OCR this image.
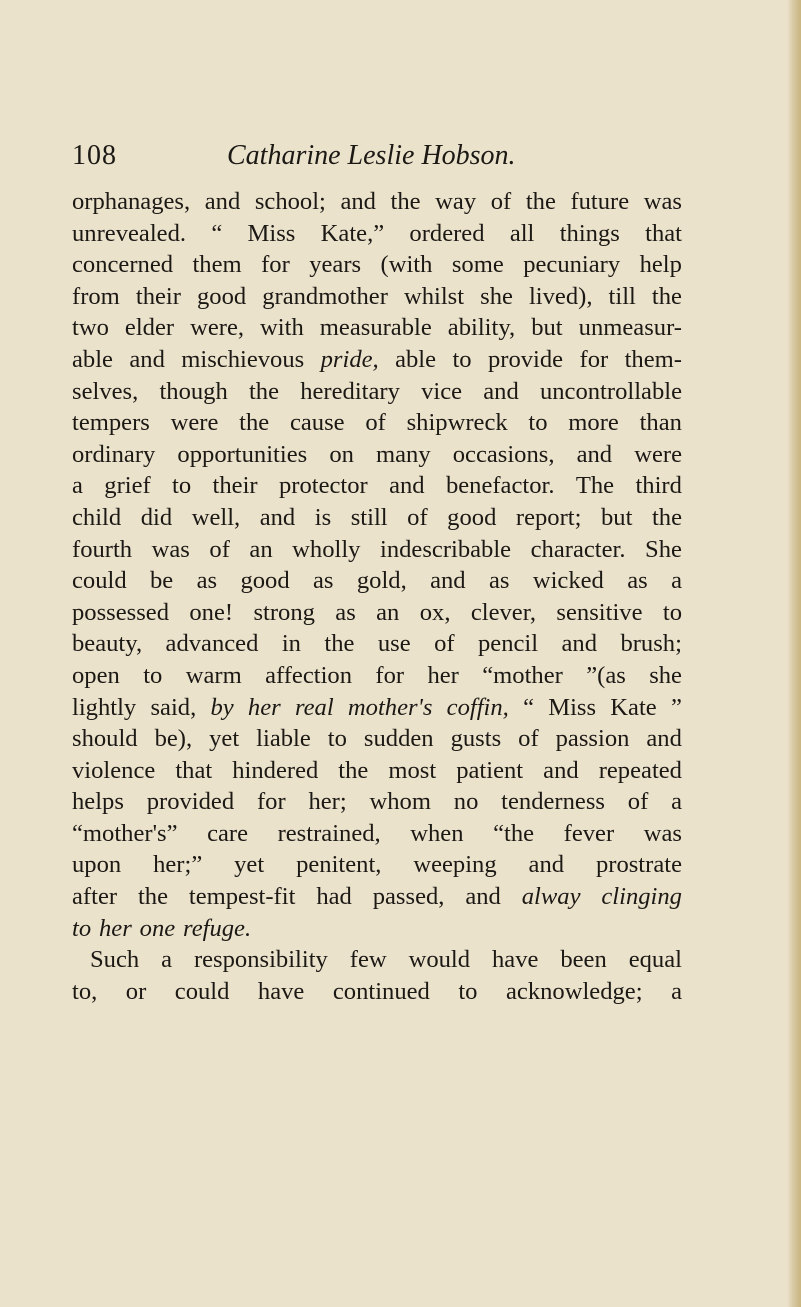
108	Catharine Leslie Hobson.
orphanages, and school; and the way of the future was
unrevealed. “ Miss Kate,” ordered all things that
concerned them for years (with some pecuniary help
from their good grandmother whilst she lived), till the
two elder were, with measurable ability, but unmeasur-
able and mischievous pride, able to provide for them-
selves, though the hereditary vice and uncontrollable
tempers were the cause of shipwreck to more than
ordinary opportunities on many occasions, and were
a grief to their protector and benefactor. The third
child did well, and is still of good report; but the
fourth was of an wholly indescribable character. She
could be as good as gold, and as wicked as a
possessed one! strong as an ox, clever, sensitive to
beauty, advanced in the use of pencil and brush;
open to warm affection for her “mother ”(as she
lightly said, by her real mother's coffin, “ Miss Kate ”
should be), yet liable to sudden gusts of passion and
violence that hindered the most patient and repeated
helps provided for her; whom no tenderness of a
“mother's” care restrained, when “the fever was
upon her;” yet penitent, weeping and prostrate
after the tempest-fit had passed, and alway clinging
to her one refuge.
Such a responsibility few would have been equal
to, or could have continued to acknowledge; a
